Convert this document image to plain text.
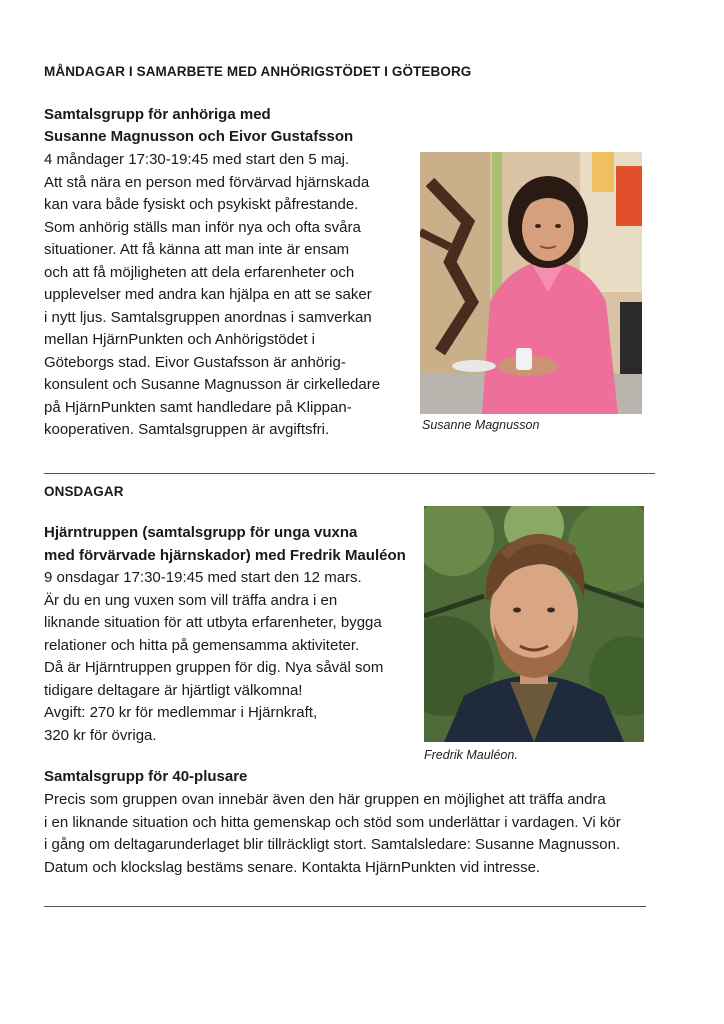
MÅNDAGAR I SAMARBETE MED ANHÖRIGSTÖDET I GÖTEBORG
Samtalsgrupp för anhöriga med
Susanne Magnusson och Eivor Gustafsson
4 måndager 17:30-19:45 med start den 5 maj.
Att stå nära en person med förvärvad hjärnskada
kan vara både fysiskt och psykiskt påfrestande.
Som anhörig ställs man inför nya och ofta svåra
situationer. Att få känna att man inte är ensam
och att få möjligheten att dela erfarenheter och
upplevelser med andra kan hjälpa en att se saker
i nytt ljus. Samtalsgruppen anordnas i samverkan
mellan HjärnPunkten och Anhörigstödet i
Göteborgs stad. Eivor Gustafsson är anhörig-
konsulent och Susanne Magnusson är cirkelledare
på HjärnPunkten samt handledare på Klippan-
kooperativen. Samtalsgruppen är avgiftsfri.	Susanne Magnusson
ONSDAGAR
Hjärntruppen (samtalsgrupp för unga vuxna
med förvärvade hjärnskador) med Fredrik Mauléon
9 onsdagar 17:30-19:45 med start den 12 mars.
Är du en ung vuxen som vill träffa andra i en
liknande situation för att utbyta erfarenheter, bygga
relationer och hitta på gemensamma aktiviteter.
Då är Hjärntruppen gruppen för dig. Nya såväl som
tidigare deltagare är hjärtligt välkomna!
Avgift: 270 kr för medlemmar i Hjärnkraft,
320 kr för övriga.
Fredrik Mauléon.
Samtalsgrupp för 40-plusare
Precis som gruppen ovan innebär även den här gruppen en möjlighet att träffa andra
i en liknande situation och hitta gemenskap och stöd som underlättar i vardagen. Vi kör
i gång om deltagarunderlaget blir tillräckligt stort. Samtalsledare: Susanne Magnusson.
Datum och klockslag bestäms senare. Kontakta HjärnPunkten vid intresse.
